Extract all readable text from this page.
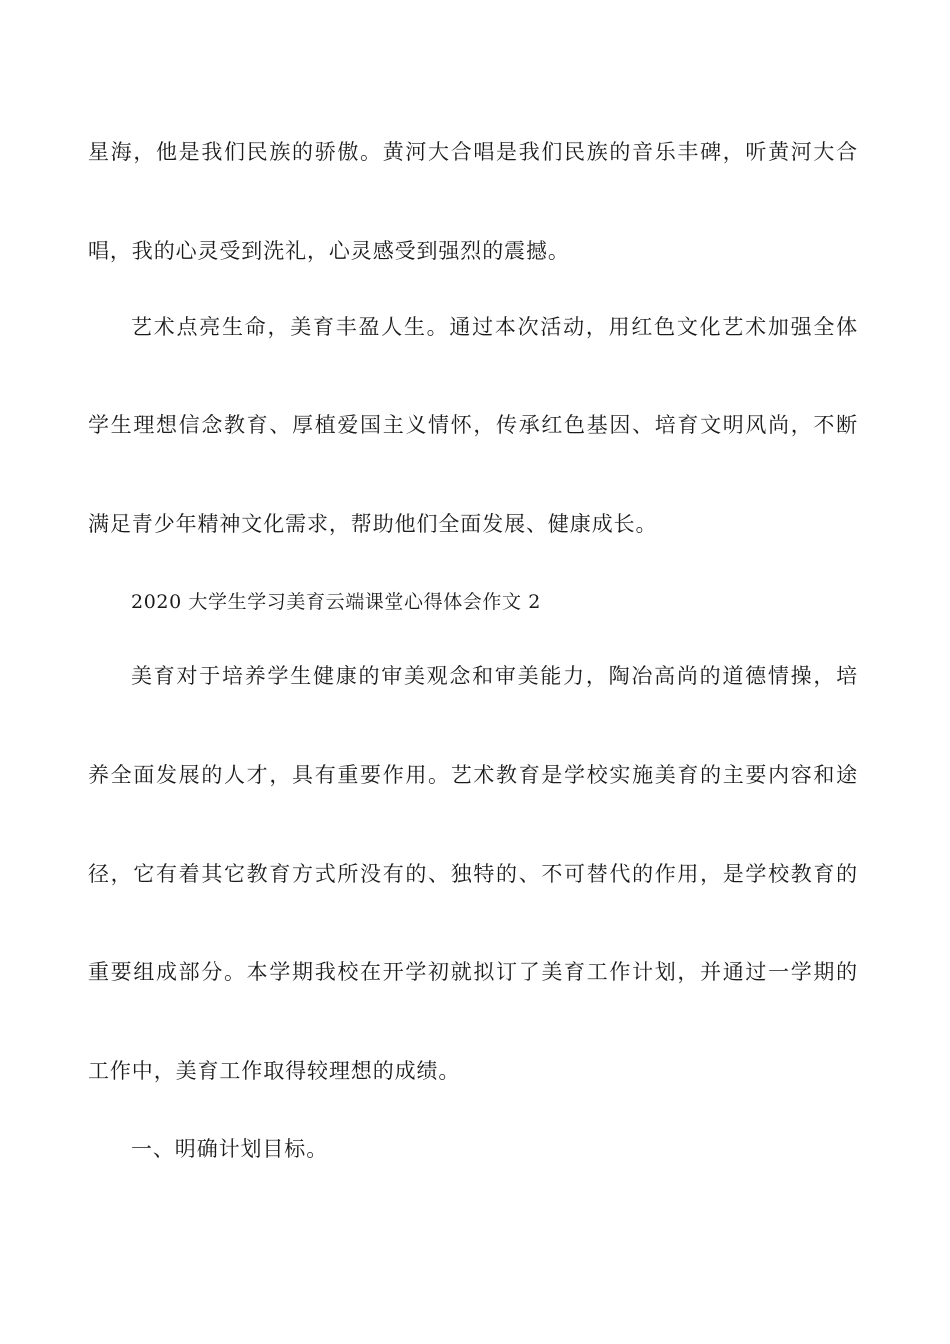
星海，他是我们民族的骄傲。黄河大合唱是我们民族的音乐丰碑，听黄河大合
唱，我的心灵受到洗礼，心灵感受到强烈的震撼。
艺术点亮生命，美育丰盈人生。通过本次活动，用红色文化艺术加强全体
学生理想信念教育、厚植爱国主义情怀，传承红色基因、培育文明风尚，不断
满足青少年精神文化需求，帮助他们全面发展、健康成长。
2020 大学生学习美育云端课堂心得体会作文 2
美育对于培养学生健康的审美观念和审美能力，陶冶高尚的道德情操，培
养全面发展的人才，具有重要作用。艺术教育是学校实施美育的主要内容和途
径，它有着其它教育方式所没有的、独特的、不可替代的作用，是学校教育的
重要组成部分。本学期我校在开学初就拟订了美育工作计划，并通过一学期的
工作中，美育工作取得较理想的成绩。
一、明确计划目标。
